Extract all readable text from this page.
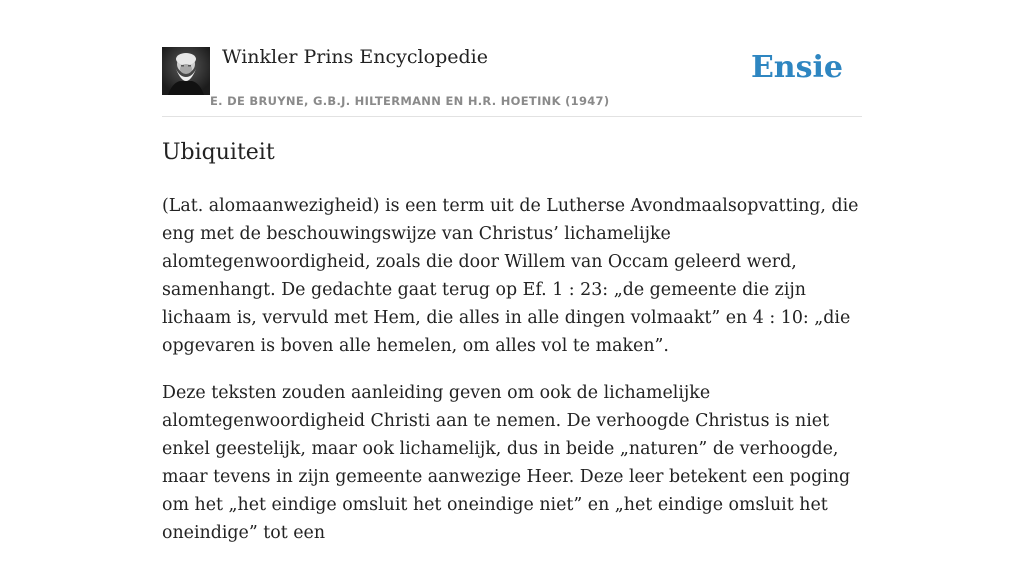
Winkler Prins Encyclopedie
E. DE BRUYNE, G.B.J. HILTERMANN EN H.R. HOETINK (1947)
Ensie
Ubiquiteit

(Lat. alomaanwezigheid) is een term uit de Lutherse Avondmaalsopvatting, die eng met de beschouwingswijze van Christus’ lichamelijke alomtegenwoordigheid, zoals die door Willem van Occam geleerd werd, samenhangt. De gedachte gaat terug op Ef. 1 : 23: „de gemeente die zijn lichaam is, vervuld met Hem, die alles in alle dingen volmaakt” en 4 : 10: „die opgevaren is boven alle hemelen, om alles vol te maken”.

Deze teksten zouden aanleiding geven om ook de lichamelijke alomtegenwoordigheid Christi aan te nemen. De verhoogde Christus is niet enkel geestelijk, maar ook lichamelijk, dus in beide „naturen” de verhoogde, maar tevens in zijn gemeente aanwezige Heer. Deze leer betekent een poging om het „het eindige omsluit het oneindige niet” en „het eindige omsluit het oneindige” tot een
